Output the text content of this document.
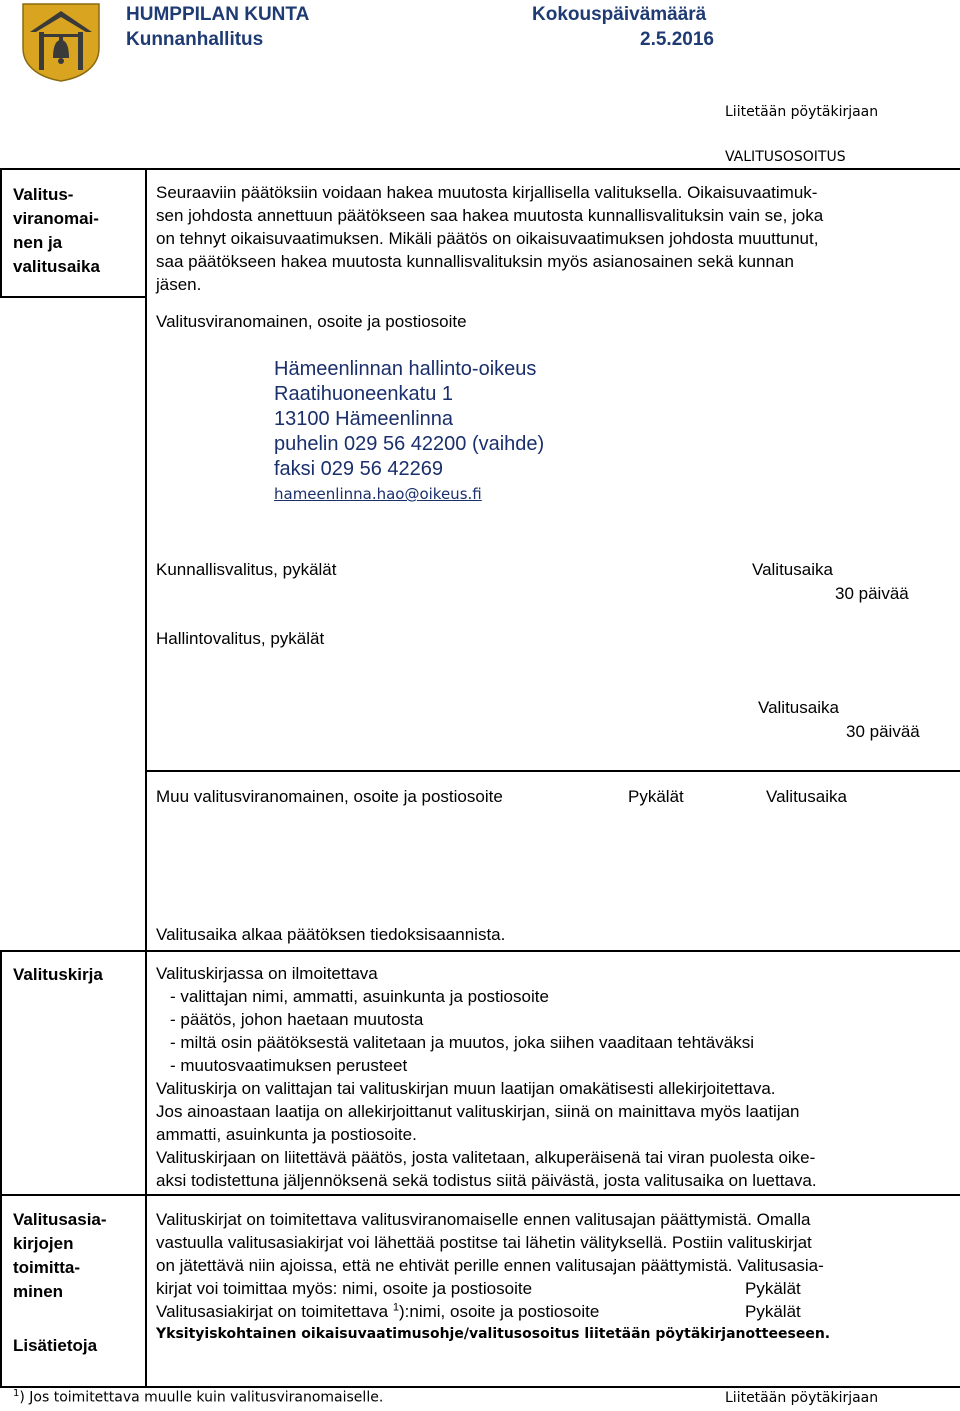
HUMPPILAN KUNTA
Kunnanhallitus
Kokouspäivämäärä
2.5.2016
Liitetään pöytäkirjaan
VALITUSOSOITUS
Valitus-
viranomai-
nen ja
valitusaika
Seuraaviin päätöksiin voidaan hakea muutosta kirjallisella valituksella. Oikaisuvaatimuk-
sen johdosta annettuun päätökseen saa hakea muutosta kunnallisvalituksin vain se, joka
on tehnyt oikaisuvaatimuksen. Mikäli päätös on oikaisuvaatimuksen johdosta muuttunut,
saa päätökseen hakea muutosta kunnallisvalituksin myös asianosainen sekä kunnan
jäsen.
Valitusviranomainen, osoite ja postiosoite
Hämeenlinnan hallinto-oikeus
Raatihuoneenkatu 1
13100 Hämeenlinna
puhelin 029 56 42200 (vaihde)
faksi 029 56 42269
hameenlinna.hao@oikeus.fi
Kunnallisvalitus, pykälät	Valitusaika
30 päivää
Hallintovalitus, pykälät
Valitusaika
30 päivää
Muu valitusviranomainen, osoite ja postiosoite	Pykälät	Valitusaika
Valitusaika alkaa päätöksen tiedoksisaannista.
Valituskirja	Valituskirjassa on ilmoitettava
- valittajan nimi, ammatti, asuinkunta ja postiosoite
- päätös, johon haetaan muutosta
- miltä osin päätöksestä valitetaan ja muutos, joka siihen vaaditaan tehtäväksi
- muutosvaatimuksen perusteet
Valituskirja on valittajan tai valituskirjan muun laatijan omakätisesti allekirjoitettava.
Jos ainoastaan laatija on allekirjoittanut valituskirjan, siinä on mainittava myös laatijan
ammatti, asuinkunta ja postiosoite.
Valituskirjaan on liitettävä päätös, josta valitetaan, alkuperäisenä tai viran puolesta oike-
aksi todistettuna jäljennöksenä sekä todistus siitä päivästä, josta valitusaika on luettava.
Valitusasia-
kirjojen
toimitta-
minen
Valituskirjat on toimitettava valitusviranomaiselle ennen valitusajan päättymistä. Omalla
vastuulla valitusasiakirjat voi lähettää postitse tai lähetin välityksellä. Postiin valituskirjat
on jätettävä niin ajoissa, että ne ehtivät perille ennen valitusajan päättymistä. Valitusasia-
kirjat voi toimittaa myös: nimi, osoite ja postiosoite	Pykälät
Valitusasiakirjat on toimitettava $^1$):nimi, osoite ja postiosoite	Pykälät
Lisätietoja
Yksityiskohtainen oikaisuvaatimusohje/valitusosoitus liitetään pöytäkirjanotteeseen.
$^1$) Jos toimitettava muulle kuin valitusviranomaiselle.	Liitetään pöytäkirjaan
